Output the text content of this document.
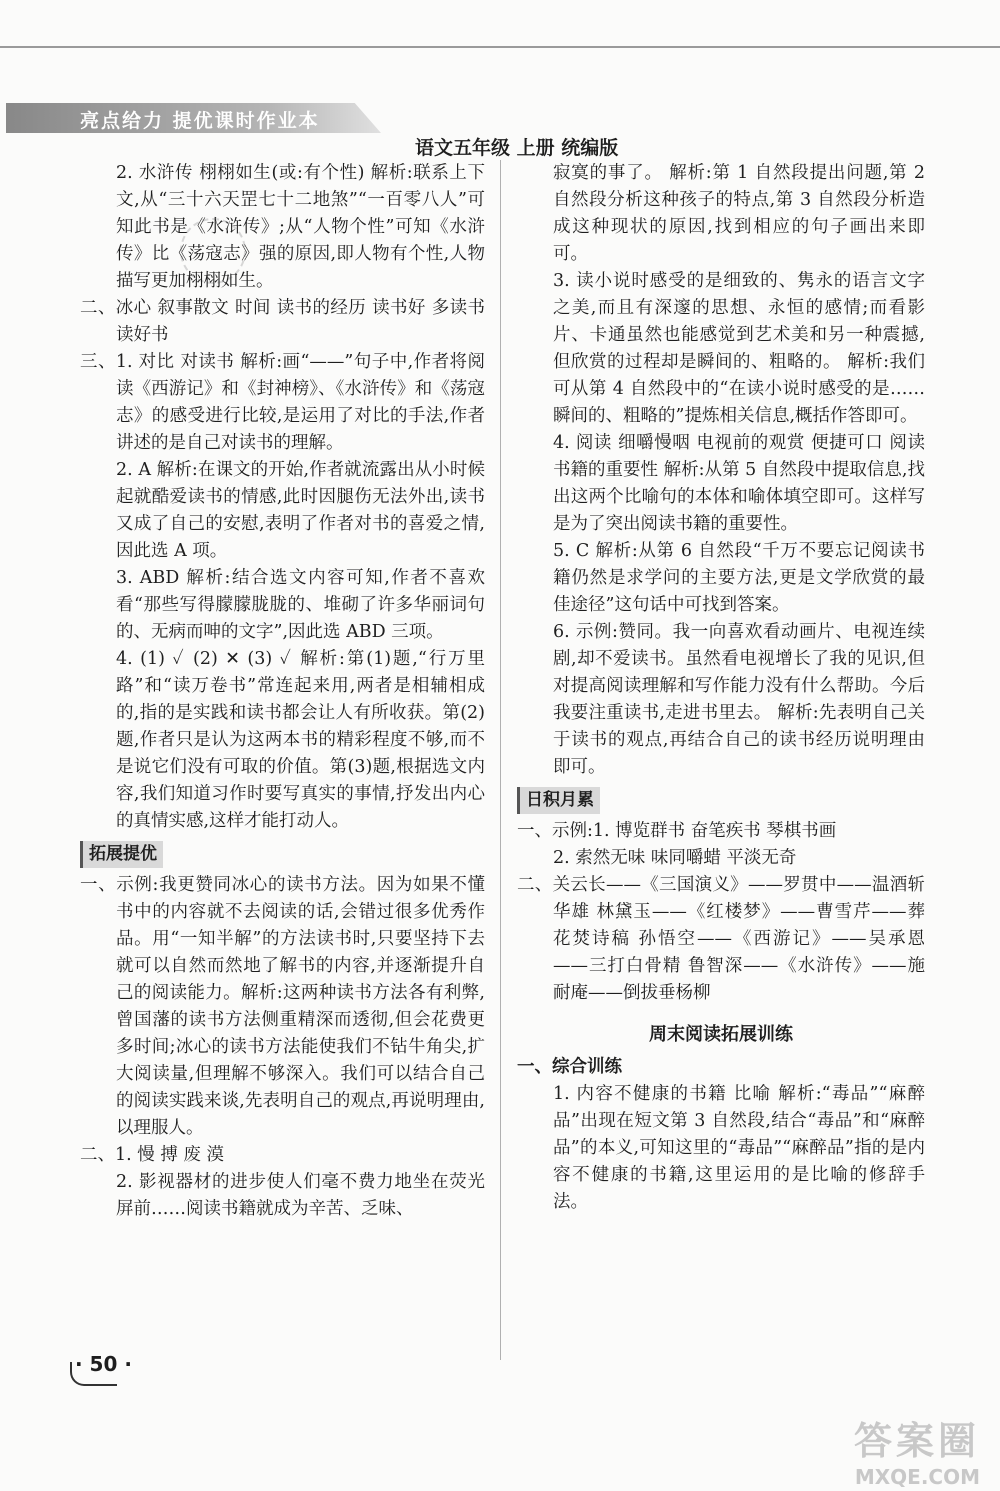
亮点给力 提优课时作业本
语文五年级 上册 统编版
2. 水浒传 栩栩如生(或:有个性) 解析:联系上下文,从“三十六天罡七十二地煞”“一百零八人”可知此书是《水浒传》;从“人物个性”可知《水浒传》比《荡寇志》强的原因,即人物有个性,人物描写更加栩栩如生。
二、冰心 叙事散文 时间 读书的经历 读书好 多读书 读好书
三、1. 对比 对读书 解析:画“——”句子中,作者将阅读《西游记》和《封神榜》、《水浒传》和《荡寇志》的感受进行比较,是运用了对比的手法,作者讲述的是自己对读书的理解。
2. A 解析:在课文的开始,作者就流露出从小时候起就酷爱读书的情感,此时因腿伤无法外出,读书又成了自己的安慰,表明了作者对书的喜爱之情,因此选 A 项。
3. ABD 解析:结合选文内容可知,作者不喜欢看“那些写得朦朦胧胧的、堆砌了许多华丽词句的、无病而呻的文字”,因此选 ABD 三项。
4. (1) ✓ (2) ✕ (3) ✓ 解析:第(1)题,“行万里路”和“读万卷书”常连起来用,两者是相辅相成的,指的是实践和读书都会让人有所收获。第(2)题,作者只是认为这两本书的精彩程度不够,而不是说它们没有可取的价值。第(3)题,根据选文内容,我们知道习作时要写真实的事情,抒发出内心的真情实感,这样才能打动人。
拓展提优
一、示例:我更赞同冰心的读书方法。因为如果不懂书中的内容就不去阅读的话,会错过很多优秀作品。用“一知半解”的方法读书时,只要坚持下去就可以自然而然地了解书的内容,并逐渐提升自己的阅读能力。解析:这两种读书方法各有利弊,曾国藩的读书方法侧重精深而透彻,但会花费更多时间;冰心的读书方法能使我们不钻牛角尖,扩大阅读量,但理解不够深入。我们可以结合自己的阅读实践来谈,先表明自己的观点,再说明理由,以理服人。
二、1. 慢 搏 废 漠
2. 影视器材的进步使人们毫不费力地坐在荧光屏前……阅读书籍就成为辛苦、乏味、
寂寞的事了。 解析:第 1 自然段提出问题,第 2 自然段分析这种孩子的特点,第 3 自然段分析造成这种现状的原因,找到相应的句子画出来即可。
3. 读小说时感受的是细致的、隽永的语言文字之美,而且有深邃的思想、永恒的感情;而看影片、卡通虽然也能感觉到艺术美和另一种震撼,但欣赏的过程却是瞬间的、粗略的。 解析:我们可从第 4 自然段中的“在读小说时感受的是……瞬间的、粗略的”提炼相关信息,概括作答即可。
4. 阅读 细嚼慢咽 电视前的观赏 便捷可口 阅读书籍的重要性 解析:从第 5 自然段中提取信息,找出这两个比喻句的本体和喻体填空即可。这样写是为了突出阅读书籍的重要性。
5. C 解析:从第 6 自然段“千万不要忘记阅读书籍仍然是求学问的主要方法,更是文学欣赏的最佳途径”这句话中可找到答案。
6. 示例:赞同。我一向喜欢看动画片、电视连续剧,却不爱读书。虽然看电视增长了我的见识,但对提高阅读理解和写作能力没有什么帮助。今后我要注重读书,走进书里去。 解析:先表明自己关于读书的观点,再结合自己的读书经历说明理由即可。
日积月累
一、示例:1. 博览群书 奋笔疾书 琴棋书画
2. 索然无味 味同嚼蜡 平淡无奇
二、关云长——《三国演义》——罗贯中——温酒斩华雄 林黛玉——《红楼梦》——曹雪芹——葬花焚诗稿 孙悟空——《西游记》——吴承恩——三打白骨精 鲁智深——《水浒传》——施耐庵——倒拔垂杨柳
周末阅读拓展训练
一、综合训练
1. 内容不健康的书籍 比喻 解析:“毒品”“麻醉品”出现在短文第 3 自然段,结合“毒品”和“麻醉品”的本义,可知这里的“毒品”“麻醉品”指的是内容不健康的书籍,这里运用的是比喻的修辞手法。
· 50 ·
答案圈
MXQE.COM
